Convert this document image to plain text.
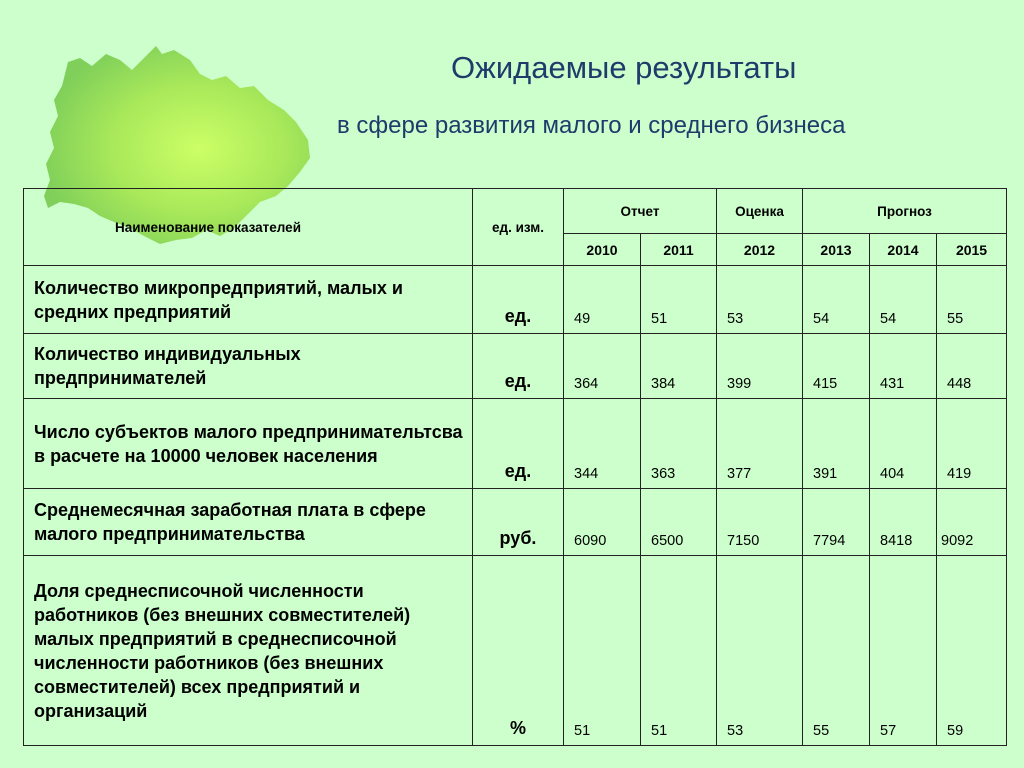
Ожидаемые результаты
в сфере развития малого и среднего бизнеса
Наименование показателей	ед. изм.	Отчет		Оценка	Прогноз		
		2010	2011	2012	2013	2014	2015
Количество микропредприятий, малых и средних предприятий	ед.	49	51	53	54	54	55
Количество индивидуальных предпринимателей	ед.	364	384	399	415	431	448
Число субъектов малого предпринимательтсва в расчете на 10000 человек населения	ед.	344	363	377	391	404	419
Среднемесячная заработная плата в сфере малого предпринимательства	руб.	6090	6500	7150	7794	8418	9092
Доля среднесписочной численности работников (без внешних совместителей) малых предприятий в среднесписочной численности работников (без внешних совместителей) всех предприятий и организаций	%	51	51	53	55	57	59
